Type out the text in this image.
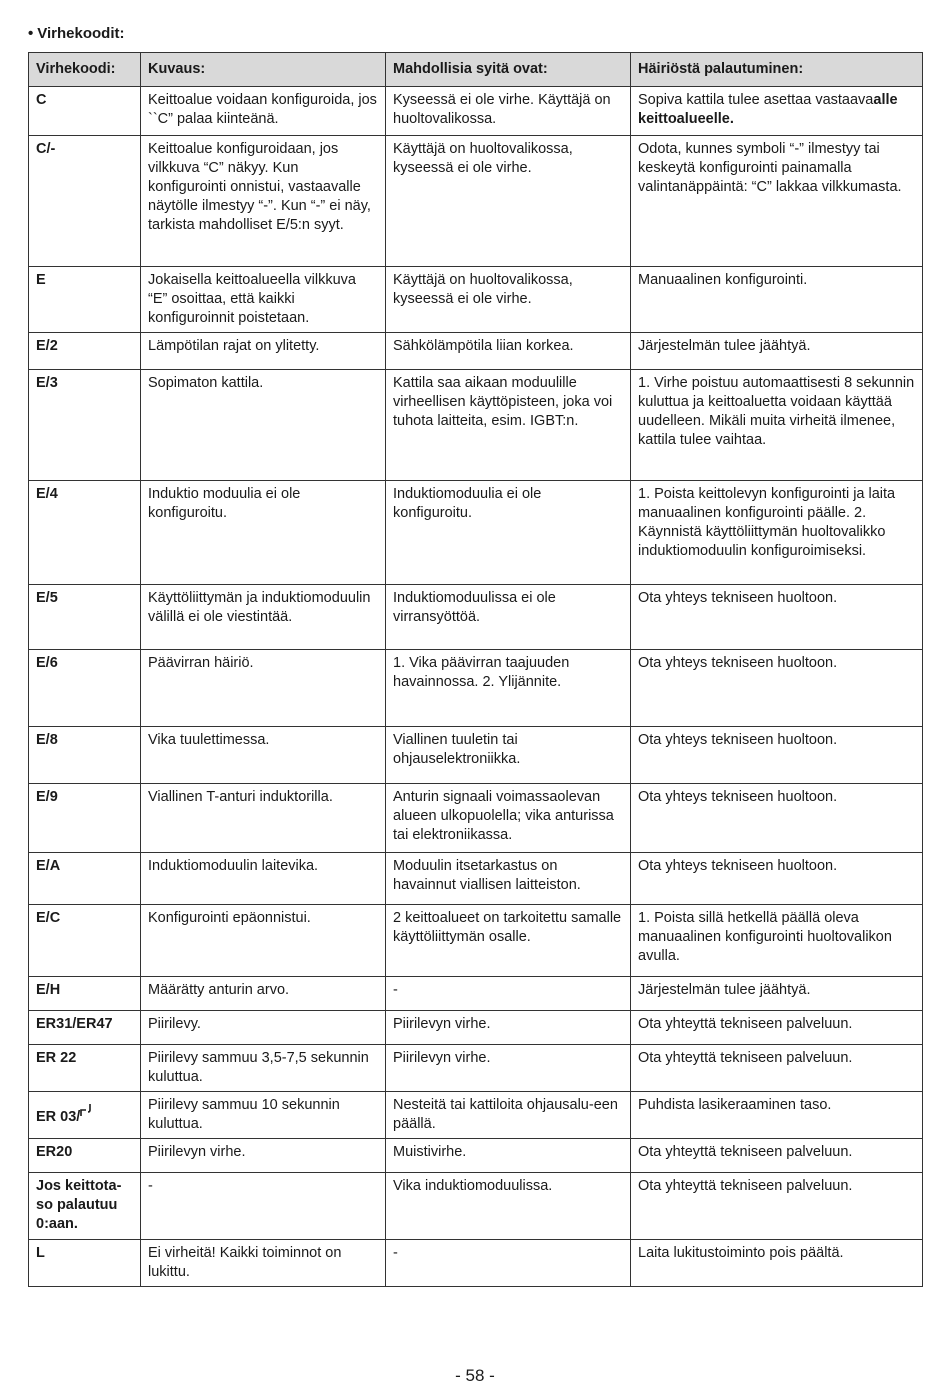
• Virhekoodit:
Virhekoodi:	Kuvaus:	Mahdollisia syitä ovat:	Häiriöstä palautuminen:
C	Keittoalue voidaan konfiguroida, jos ``C” palaa kiinteänä.	Kyseessä ei ole virhe. Käyttäjä on huoltovalikossa.	Sopiva kattila tulee asettaa vastaavaalle keittoalueelle.
C/-	Keittoalue konfiguroidaan, jos vilkkuva “C” näkyy. Kun konfigurointi onnistui, vastaavalle näytölle ilmestyy “-”. Kun “-” ei näy, tarkista mahdolliset E/5:n syyt.	Käyttäjä on huoltovalikossa, kyseessä ei ole virhe.	Odota, kunnes symboli “-” ilmestyy tai keskeytä konfigurointi painamalla valintanäppäintä: “C” lakkaa vilkkumasta.
E	Jokaisella keittoalueella vilkkuva “E” osoittaa, että kaikki konfiguroinnit poistetaan.	Käyttäjä on huoltovalikossa, kyseessä ei ole virhe.	Manuaalinen konfigurointi.
E/2	Lämpötilan rajat on ylitetty.	Sähkölämpötila liian korkea.	Järjestelmän tulee jäähtyä.
E/3	Sopimaton kattila.	Kattila saa aikaan moduulille virheellisen käyttöpisteen, joka voi tuhota laitteita, esim. IGBT:n.	1. Virhe poistuu automaattisesti 8 sekunnin kuluttua ja keittoaluetta voidaan käyttää uudelleen. Mikäli muita virheitä ilmenee, kattila tulee vaihtaa.
E/4	Induktio moduulia ei ole konfiguroitu.	Induktiomoduulia ei ole konfiguroitu.	1. Poista keittolevyn konfigurointi ja laita manuaalinen konfigurointi päälle. 2. Käynnistä käyttöliittymän huoltovalikko induktiomoduulin konfiguroimiseksi.
E/5	Käyttöliittymän ja induktiomoduulin välillä ei ole viestintää.	Induktiomoduulissa ei ole virransyöttöä.	Ota yhteys tekniseen huoltoon.
E/6	Päävirran häiriö.	1. Vika päävirran taajuuden havainnossa. 2. Ylijännite.	Ota yhteys tekniseen huoltoon.
E/8	Vika tuulettimessa.	Viallinen tuuletin tai ohjauselektroniikka.	Ota yhteys tekniseen huoltoon.
E/9	Viallinen T-anturi induktorilla.	Anturin signaali voimassaolevan alueen ulkopuolella; vika anturissa tai elektroniikassa.	Ota yhteys tekniseen huoltoon.
E/A	Induktiomoduulin laitevika.	Moduulin itsetarkastus on havainnut viallisen laitteiston.	Ota yhteys tekniseen huoltoon.
E/C	Konfigurointi epäonnistui.	2 keittoalueet on tarkoitettu samalle käyttöliittymän osalle.	1. Poista sillä hetkellä päällä oleva manuaalinen konfigurointi huoltovalikon avulla.
E/H	Määrätty anturin arvo.	-	Järjestelmän tulee jäähtyä.
ER31/ER47	Piirilevy.	Piirilevyn virhe.	Ota yhteyttä tekniseen palveluun.
ER 22	Piirilevy sammuu 3,5-7,5 sekunnin kuluttua.	Piirilevyn virhe.	Ota yhteyttä tekniseen palveluun.
ER 03/	Piirilevy sammuu 10 sekunnin kuluttua.	Nesteitä tai kattiloita ohjausalu-een päällä.	Puhdista lasikeraaminen taso.
ER20	Piirilevyn virhe.	Muistivirhe.	Ota yhteyttä tekniseen palveluun.
Jos keittota-so palautuu 0:aan.	-	Vika induktiomoduulissa.	Ota yhteyttä tekniseen palveluun.
L	Ei virheitä! Kaikki toiminnot on lukittu.	-	Laita lukitustoiminto pois päältä.
- 58 -
